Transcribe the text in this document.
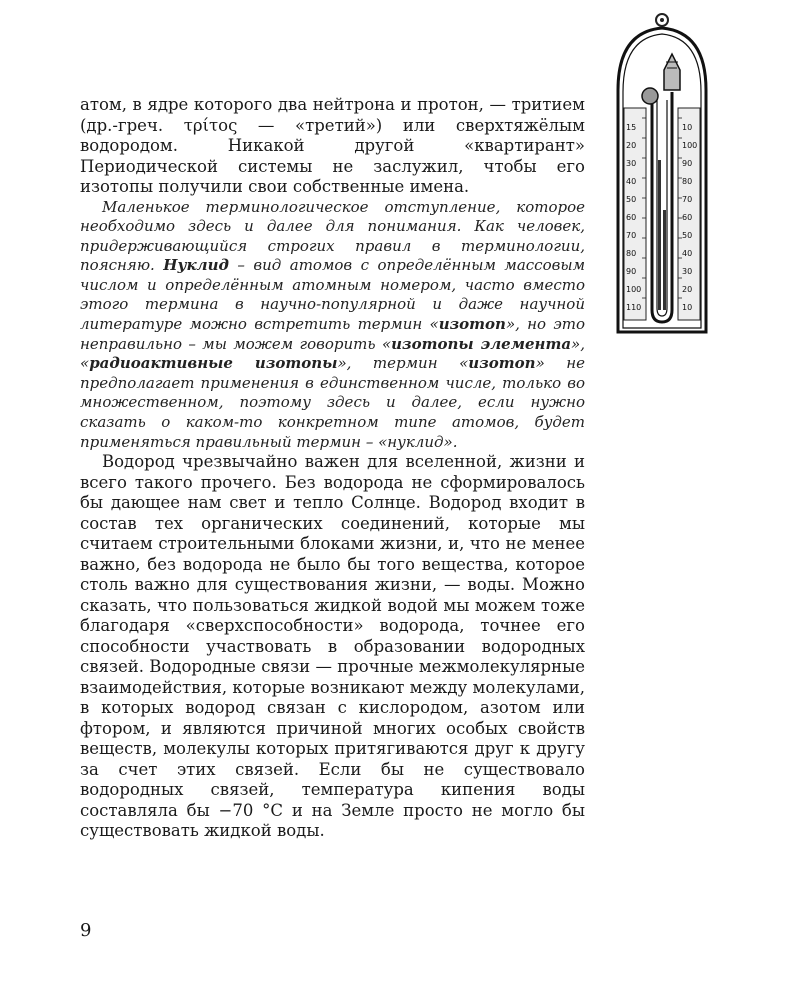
15
20
30
40
50
60
70
80
90
100
110
10
100
90
80
70
60
50
40
30
20
10

атом, в ядре которого два нейтрона и протон, — тритием (др.-греч. τρίτος — «третий») или сверхтяжёлым водородом. Никакой другой «квартирант» Периодической системы не заслужил, чтобы его изотопы получили свои собственные имена.

Маленькое терминологическое отступление, которое необходимо здесь и далее для понимания. Как человек, придерживающийся строгих правил в терминологии, поясняю. Нуклид – вид атомов с определённым массовым числом и определённым атомным номером, часто вместо этого термина в научно-популярной и даже научной литературе можно встретить термин «изотоп», но это неправильно – мы можем говорить «изотопы элемента», «радиоактивные изотопы», термин «изотоп» не предполагает применения в единственном числе, только во множественном, поэтому здесь и далее, если нужно сказать о каком-то конкретном типе атомов, будет применяться правильный термин – «нуклид».

Водород чрезвычайно важен для вселенной, жизни и всего такого прочего. Без водорода не сформировалось бы дающее нам свет и тепло Солнце. Водород входит в состав тех органических соединений, которые мы считаем строительными блоками жизни, и, что не менее важно, без водорода не было бы того вещества, которое столь важно для существования жизни, — воды. Можно сказать, что пользоваться жидкой водой мы можем тоже благодаря «сверхспособности» водорода, точнее его способности участвовать в образовании водородных связей. Водородные связи — прочные межмолекулярные взаимодействия, которые возникают между молекулами, в которых водород связан с кислородом, азотом или фтором, и являются причиной многих особых свойств веществ, молекулы которых притягиваются друг к другу за счет этих связей. Если бы не существовало водородных связей, температура кипения воды составляла бы −70 °С и на Земле просто не могло бы существовать жидкой воды.

9
